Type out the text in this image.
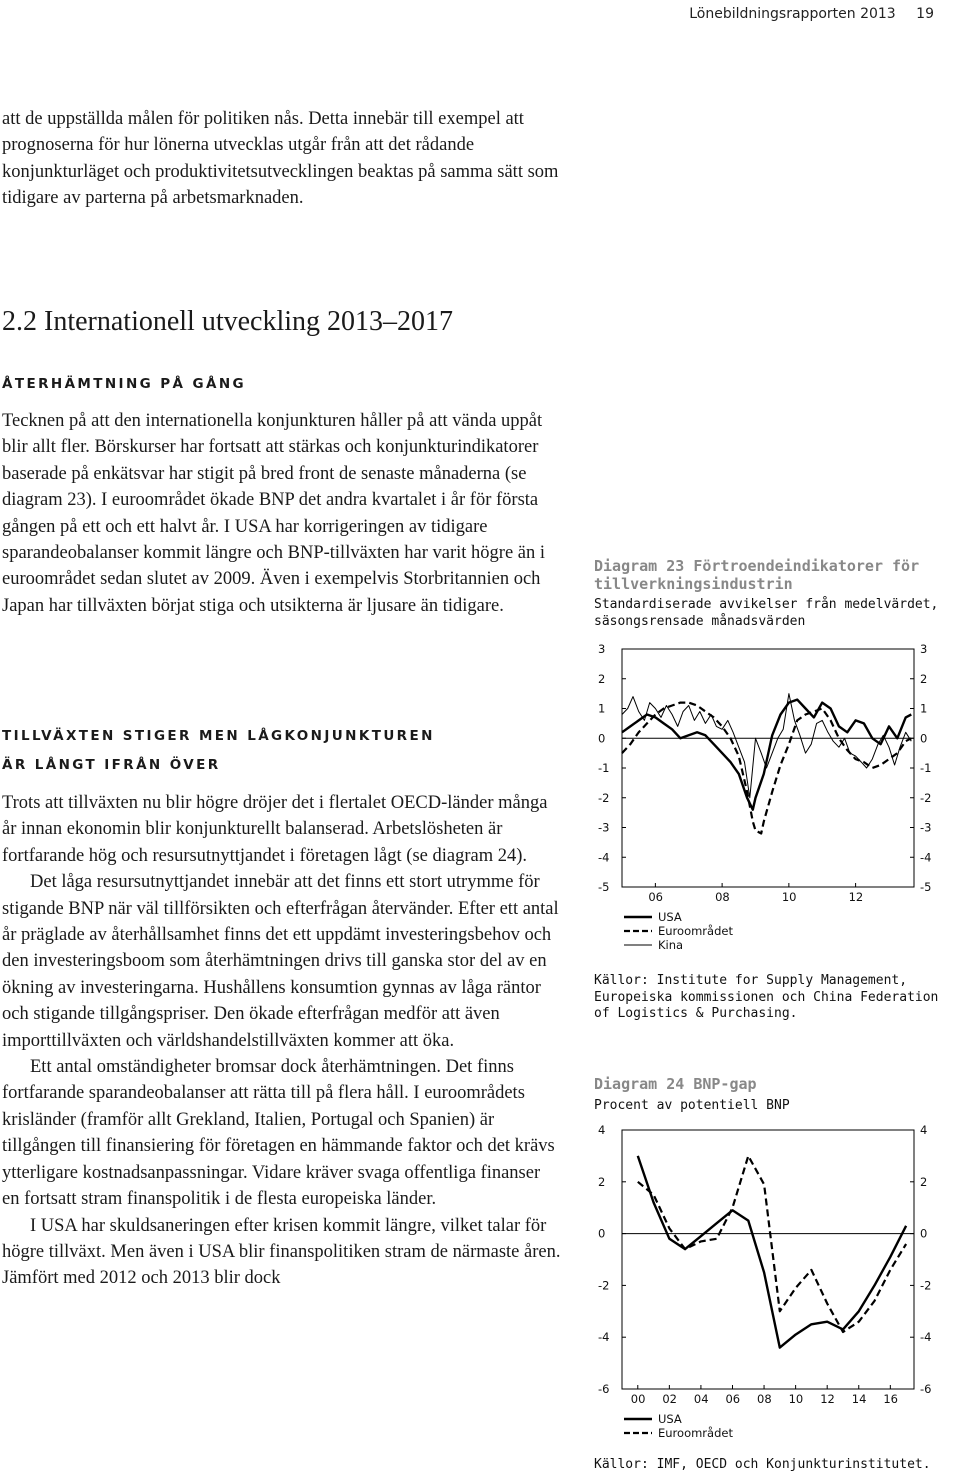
Lönebildningsrapporten 2013 19

att de uppställda målen för politiken nås. Detta innebär till exempel att prognoserna för hur lönerna utvecklas utgår från att det rådande konjunkturläget och produktivitetsutvecklingen beaktas på samma sätt som tidigare av parterna på arbetsmarknaden.

2.2 Internationell utveckling 2013–2017
ÅTERHÄMTNING PÅ GÅNG

Tecknen på att den internationella konjunkturen håller på att vända uppåt blir allt fler. Börskurser har fortsatt att stärkas och konjunkturindikatorer baserade på enkätsvar har stigit på bred front de senaste månaderna (se diagram 23). I euroområdet ökade BNP det andra kvartalet i år för första gången på ett och ett halvt år. I USA har korrigeringen av tidigare sparandeobalanser kommit längre och BNP-tillväxten har varit högre än i euroområdet sedan slutet av 2009. Även i exempelvis Storbritannien och Japan har tillväxten börjat stiga och utsikterna är ljusare än tidigare.

TILLVÄXTEN STIGER MEN LÅGKONJUNKTUREN
ÄR LÅNGT IFRÅN ÖVER

Trots att tillväxten nu blir högre dröjer det i flertalet OECD-länder många år innan ekonomin blir konjunkturellt balanserad. Arbetslösheten är fortfarande hög och resursutnyttjandet i företagen lågt (se diagram 24).

Det låga resursutnyttjandet innebär att det finns ett stort utrymme för stigande BNP när väl tillförsikten och efterfrågan återvänder. Efter ett antal år präglade av återhållsamhet finns det ett uppdämt investeringsbehov och den investeringsboom som återhämtningen drivs till ganska stor del av en ökning av investeringarna. Hushållens konsumtion gynnas av låga räntor och stigande tillgångspriser. Den ökade efterfrågan medför att även importtillväxten och världshandelstillväxten kommer att öka.

Ett antal omständigheter bromsar dock återhämtningen. Det finns fortfarande sparandeobalanser att rätta till på flera håll. I euroområdets krisländer (framför allt Grekland, Italien, Portugal och Spanien) är tillgången till finansiering för företagen en hämmande faktor och det krävs ytterligare kostnadsanpassningar. Vidare kräver svaga offentliga finanser en fortsatt stram finanspolitik i de flesta europeiska länder.

I USA har skuldsaneringen efter krisen kommit längre, vilket talar för högre tillväxt. Men även i USA blir finanspolitiken stram de närmaste åren. Jämfört med 2012 och 2013 blir dock

Diagram 23 Förtroendeindikatorer för tillverkningsindustrin
Standardiserade avvikelser från medelvärdet, säsongsrensade månadsvärden
3	3
2	2
1	1
0	0
-1	-1
-2	-2
-3	-3
-4	-4
-5	-5
06	08	10	12
USA
Euroområdet
Kina
Källor: Institute for Supply Management, Europeiska kommissionen och China Federation of Logistics & Purchasing.
Diagram 24 BNP-gap
Procent av potentiell BNP
4	4
2	2
0	0
-2	-2
-4	-4
-6	-6
00 02 04 06 08 10 12 14 16
USA
Euroområdet
Källor: IMF, OECD och Konjunkturinstitutet.
